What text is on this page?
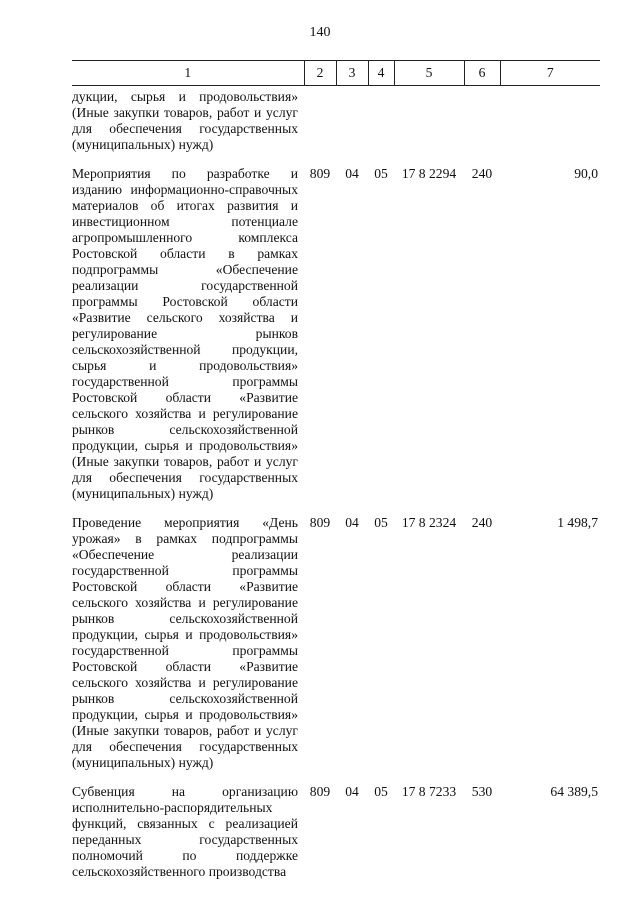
140
1	2	3	4	5	6	7
дукции, сырья и продовольствия» (Иные закупки товаров, работ и услуг для обеспечения государственных (муниципальных) нужд)						
Мероприятия по разработке и изданию информационно-справочных материалов об итогах развития и инвестиционном потенциале агропромышленного комплекса Ростовской области в рамках подпрограммы «Обеспечение реализации государственной программы Ростовской области «Развитие сельского хозяйства и регулирование рынков сельскохозяйственной продукции, сырья и продовольствия» государственной программы Ростовской области «Развитие сельского хозяйства и регулирование рынков сельскохозяйственной продукции, сырья и продовольствия» (Иные закупки товаров, работ и услуг для обеспечения государственных (муниципальных) нужд)	809	04	05	17 8 2294	240	90,0
Проведение мероприятия «День урожая» в рамках подпрограммы «Обеспечение реализации государственной программы Ростовской области «Развитие сельского хозяйства и регулирование рынков сельскохозяйственной продукции, сырья и продовольствия» государственной программы Ростовской области «Развитие сельского хозяйства и регулирование рынков сельскохозяйственной продукции, сырья и продовольствия» (Иные закупки товаров, работ и услуг для обеспечения государственных (муниципальных) нужд)	809	04	05	17 8 2324	240	1 498,7
Субвенция на организацию исполнительно-распорядительных функций, связанных с реализацией переданных государственных полномочий по поддержке сельскохозяйственного производства	809	04	05	17 8 7233	530	64 389,5
